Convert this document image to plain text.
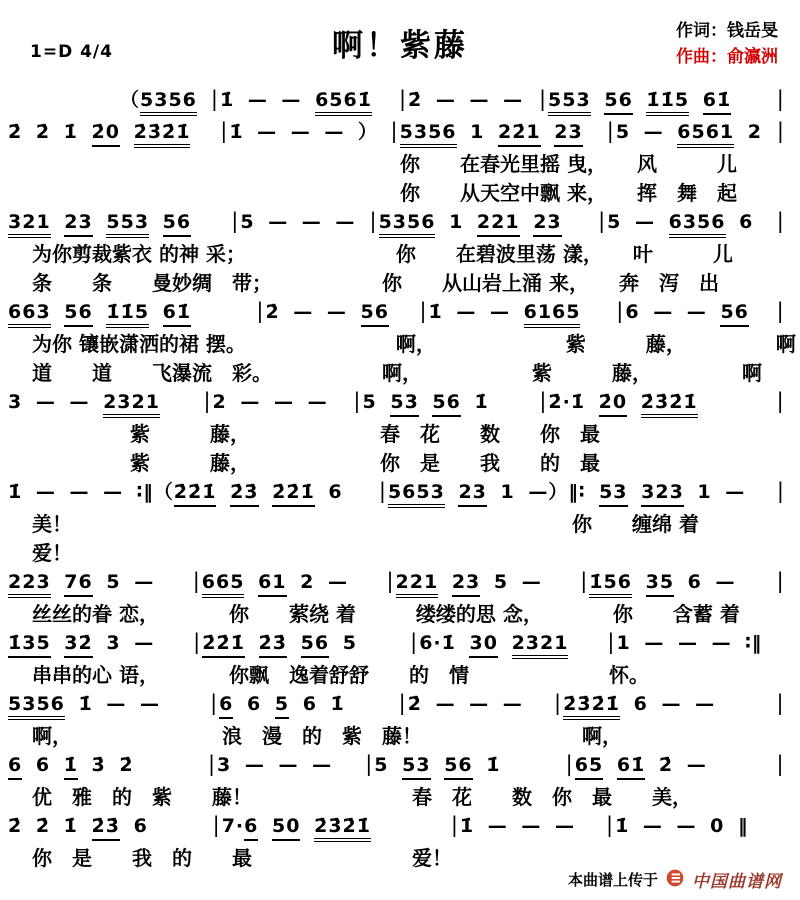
1=D 4/4	啊！紫藤	作词：钱岳旻
作曲：俞瀛洲
（5356 | 1̇ — — 6561̇	| 2̇ — — — | 553 56 1̇1̇5 61̇	|
2̇ 2̇ 1̇ 2̇0 2̇3̇2̇1̇	| 1̇ — — — ） | 5356 1 22̇1 23	| 5 — 6561 2 |
你　　在春光里摇 曳，　　风　　　儿
你　　从天空中飘 来，　　挥　舞　起
321 23 553 56	| 5 — — — | 5356 1 221 23	| 5 — 6356 6	|
为你剪裁紫衣 的神 采；　　　　　　　　你　　在碧波里荡 漾，　　叶　　　儿
条　　条　　曼妙绸　带；　　　　　　你　　从山岩上涌 来，　　奔　泻　出
663 56 1̇1̇5 61̇	| 2̇ — — 56	| 1̇ — — 6165	| 6 — — 56	|
为你 镶嵌潇洒的裙 摆。　　　　　　　　啊，　　　　　　　紫　　　藤，　　　　　啊
道　　道　　飞瀑流　彩。　　　　　　啊，　　　　　　紫　　　藤，　　　　　啊
3 — — 2321	| 2 — — —	| 5 53 56 1̇	| 2̇·1̇ 2̇0 2̇3̇2̇1̇	|
紫　　　藤，　　　　　　　春　花　　数　　你　最
紫　　　藤，　　　　　　　你　是　　我　　的　最
1̇ — — — ∶‖（2̇2̇1̇ 2̇3̇ 2̇2̇1̇ 6	| 5653 23 1 —）‖∶ 53 323 1 —	|
美！　　　　　　　　　　　　　　　　　　　　　　　　　你　　缠绵 着
爱！
223 76 5 —	| 665 61 2 —	| 221 23 5 —	| 1̇56 35 6 —	|
丝丝的眷 恋，　　　　你　　萦绕 着　　　缕缕的思 念，　　　　你　　含蓄 着
1̇35 32̇ 3 —	| 2̇2̇1̇ 2̇3̇ 56 5	| 6·1̇ 30 2321	| 1 — — — ∶‖
串串的心 语，　　　　你飘　逸着舒舒　　的　情　　　　　　　怀。
5356 1̇ — —	| 6 6 5 6 1̇	| 2̇ — — —	| 2̇3̇2̇1̇ 6 — —	|
啊，　　　　　　　　浪　漫　的　紫　藤！　　　　　　　　啊，
6 6 1̇ 3̇ 2̇	| 3 — — —	| 5 53 56 1̇	| 65 61̇ 2̇ —	|
优　雅　的　紫　　藤！　　　　　　　　春　花　　数　你　最　　美，
2̇ 2̇ 1̇ 2̇3̇ 6	| 7·6 50 2̇3̇2̇1̇	| 1̇ — — —	| 1̇ — — 0 ‖
你　是　　我　的　　最　　　　　　　　爱！
本曲谱上传于 中国曲谱网
